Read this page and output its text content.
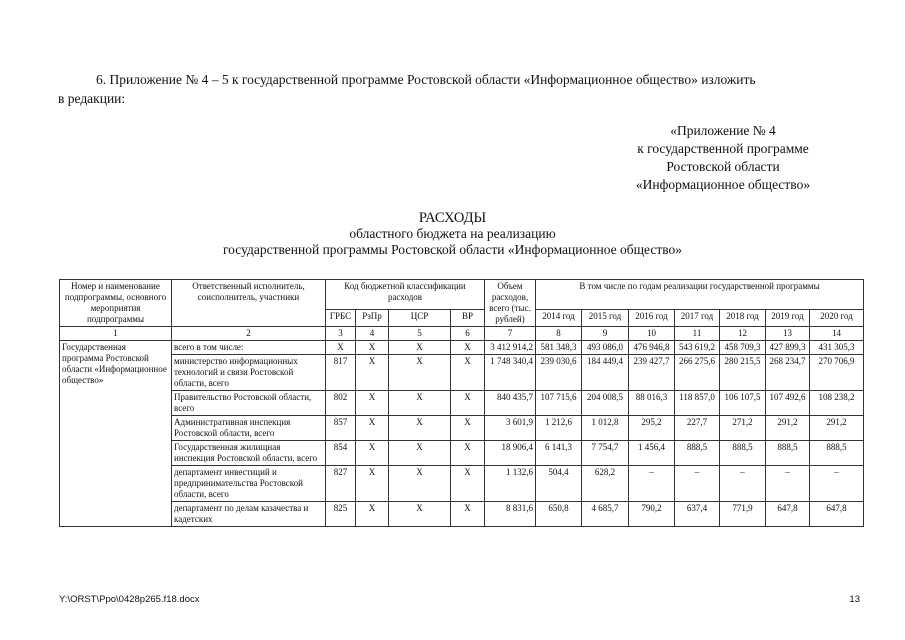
6. Приложение № 4 – 5 к государственной программе Ростовской области «Информационное общество» изложить
в редакции:
«Приложение № 4
к государственной программе
Ростовской области
«Информационное общество»
РАСХОДЫ
областного бюджета на реализацию
государственной программы Ростовской области «Информационное общество»
Номер и наименование подпрограммы, основного мероприятия подпрограммы	Ответственный исполнитель, соисполнитель, участники	Код бюджетной классификации расходов				Объем расходов, всего (тыс. рублей)	В том числе по годам реализации государственной программы						
		ГРБС	РзПр	ЦСР	ВР		2014 год	2015 год	2016 год	2017 год	2018 год	2019 год	2020 год
1	2	3	4	5	6	7	8	9	10	11	12	13	14
Государственная программа Ростовской области «Информационное общество»	всего в том числе:	X	X	X	X	3 412 914,2	581 348,3	493 086,0	476 946,8	543 619,2	458 709,3	427 899,3	431 305,3
	министерство информационных технологий и связи Ростовской области, всего	817	X	X	X	1 748 340,4	239 030,6	184 449,4	239 427,7	266 275,6	280 215,5	268 234,7	270 706,9
	Правительство Ростовской области, всего	802	X	X	X	840 435,7	107 715,6	204 008,5	88 016,3	118 857,0	106 107,5	107 492,6	108 238,2
	Административная инспекция Ростовской области, всего	857	X	X	X	3 601,9	1 212,6	1 012,8	295,2	227,7	271,2	291,2	291,2
	Государственная жилищная инспекция Ростовской области, всего	854	X	X	X	18 906,4	6 141,3	7 754,7	1 456,4	888,5	888,5	888,5	888,5
	департамент инвестиций и предпринимательства Ростовской области, всего	827	X	X	X	1 132,6	504,4	628,2	–	–	–	–	–
	департамент по делам казачества и кадетских	825	X	X	X	8 831,6	650,8	4 685,7	790,2	637,4	771,9	647,8	647,8
Y:\ORST\Ppo\0428p265.f18.docx	13
